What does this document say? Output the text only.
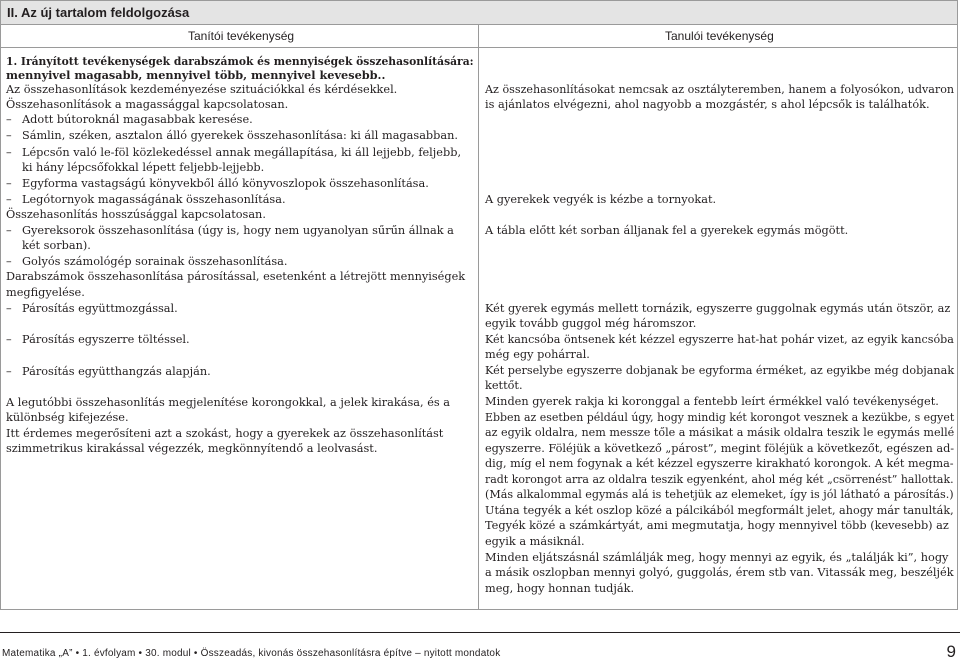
II. Az új tartalom feldolgozása
Tanítói tevékenység	Tanulói tevékenység
1. Irányított tevékenységek darabszámok és mennyiségek összehasonlítására:
mennyivel magasabb, mennyivel több, mennyivel kevesebb..
Az összehasonlítások kezdeményezése szituációkkal és kérdésekkel.
Összehasonlítások a magassággal kapcsolatosan.
– Adott bútoroknál magasabbak keresése.
– Sámlin, széken, asztalon álló gyerekek összehasonlítása: ki áll magasabban.
– Lépcsőn való le-föl közlekedéssel annak megállapítása, ki áll lejjebb, feljebb,
ki hány lépcsőfokkal lépett feljebb-lejjebb.
– Egyforma vastagságú könyvekből álló könyvoszlopok összehasonlítása.
– Legótornyok magasságának összehasonlítása.
Összehasonlítás hosszúsággal kapcsolatosan.
– Gyereksorok összehasonlítása (úgy is, hogy nem ugyanolyan sűrűn állnak a
két sorban).
– Golyós számológép sorainak összehasonlítása.
Darabszámok összehasonlítása párosítással, esetenként a létrejött mennyiségek
megfigyelése.
– Párosítás együttmozgással.
– Párosítás egyszerre töltéssel.
– Párosítás együtthangzás alapján.
A legutóbbi összehasonlítás megjelenítése korongokkal, a jelek kirakása, és a
különbség kifejezése.
Itt érdemes megerősíteni azt a szokást, hogy a gyerekek az összehasonlítást
szimmetrikus kirakással végezzék, megkönnyítendő a leolvasást.
Az összehasonlításokat nemcsak az osztályteremben, hanem a folyosókon, udvaron
is ajánlatos elvégezni, ahol nagyobb a mozgástér, s ahol lépcsők is találhatók.
A gyerekek vegyék is kézbe a tornyokat.
A tábla előtt két sorban álljanak fel a gyerekek egymás mögött.
Két gyerek egymás mellett tornázik, egyszerre guggolnak egymás után ötször, az
egyik tovább guggol még háromszor.
Két kancsóba öntsenek két kézzel egyszerre hat-hat pohár vizet, az egyik kancsóba
még egy pohárral.
Két perselybe egyszerre dobjanak be egyforma érméket, az egyikbe még dobjanak
kettőt.
Minden gyerek rakja ki koronggal a fentebb leírt érmékkel való tevékenységet.
Ebben az esetben például úgy, hogy mindig két korongot vesznek a kezükbe, s egyet
az egyik oldalra, nem messze tőle a másikat a másik oldalra teszik le egymás mellé
egyszerre. Föléjük a következő „párost”, megint föléjük a következőt, egészen ad-
dig, míg el nem fogynak a két kézzel egyszerre kirakható korongok. A két megma-
radt korongot arra az oldalra teszik egyenként, ahol még két „csörrenést” hallottak.
(Más alkalommal egymás alá is tehetjük az elemeket, így is jól látható a párosítás.)
Utána tegyék a két oszlop közé a pálcikából megformált jelet, ahogy már tanulták,
Tegyék közé a számkártyát, ami megmutatja, hogy mennyivel több (kevesebb) az
egyik a másiknál.
Minden eljátszásnál számlálják meg, hogy mennyi az egyik, és „találják ki”, hogy
a másik oszlopban mennyi golyó, guggolás, érem stb van. Vitassák meg, beszéljék
meg, hogy honnan tudják.
Matematika „A” • 1. évfolyam • 30. modul • Összeadás, kivonás összehasonlításra építve – nyitott mondatok	9
